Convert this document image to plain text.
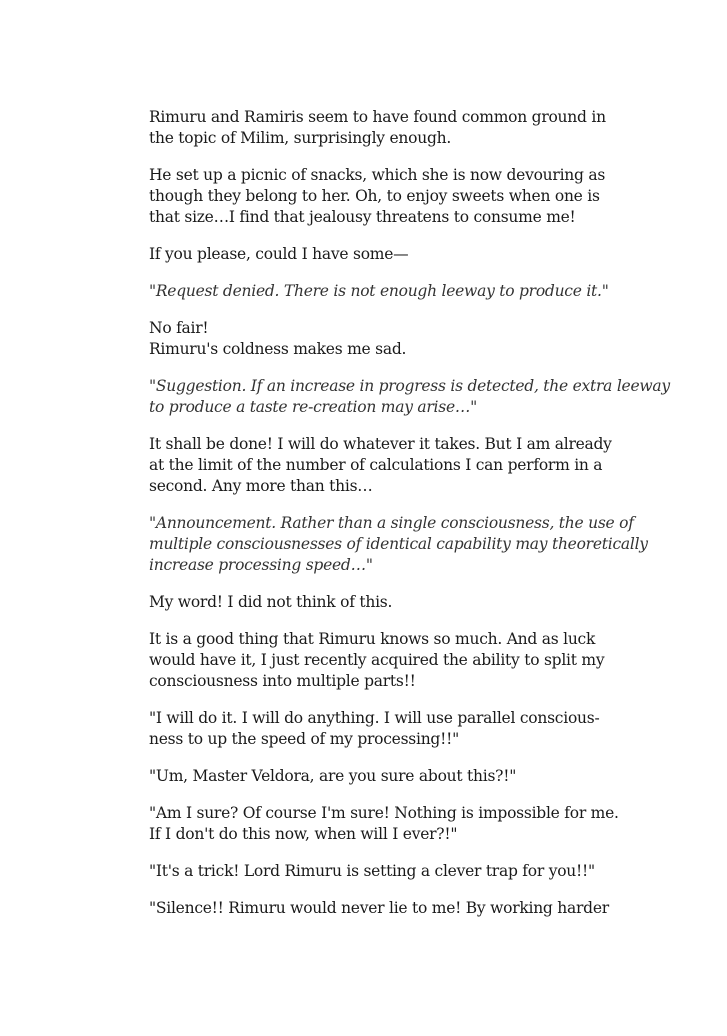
Rimuru and Ramiris seem to have found common ground in
the topic of Milim, surprisingly enough.

He set up a picnic of snacks, which she is now devouring as
though they belong to her. Oh, to enjoy sweets when one is
that size…I find that jealousy threatens to consume me!

If you please, could I have some—

"Request denied. There is not enough leeway to produce it."

No fair!
Rimuru's coldness makes me sad.

"Suggestion. If an increase in progress is detected, the extra leeway
to produce a taste re-creation may arise…"

It shall be done! I will do whatever it takes. But I am already
at the limit of the number of calculations I can perform in a
second. Any more than this…

"Announcement. Rather than a single consciousness, the use of
multiple consciousnesses of identical capability may theoretically
increase processing speed…"

My word! I did not think of this.

It is a good thing that Rimuru knows so much. And as luck
would have it, I just recently acquired the ability to split my
consciousness into multiple parts!!

"I will do it. I will do anything. I will use parallel conscious-
ness to up the speed of my processing!!"

"Um, Master Veldora, are you sure about this?!"

"Am I sure? Of course I'm sure! Nothing is impossible for me.
If I don't do this now, when will I ever?!"

"It's a trick! Lord Rimuru is setting a clever trap for you!!"

"Silence!! Rimuru would never lie to me! By working harder
